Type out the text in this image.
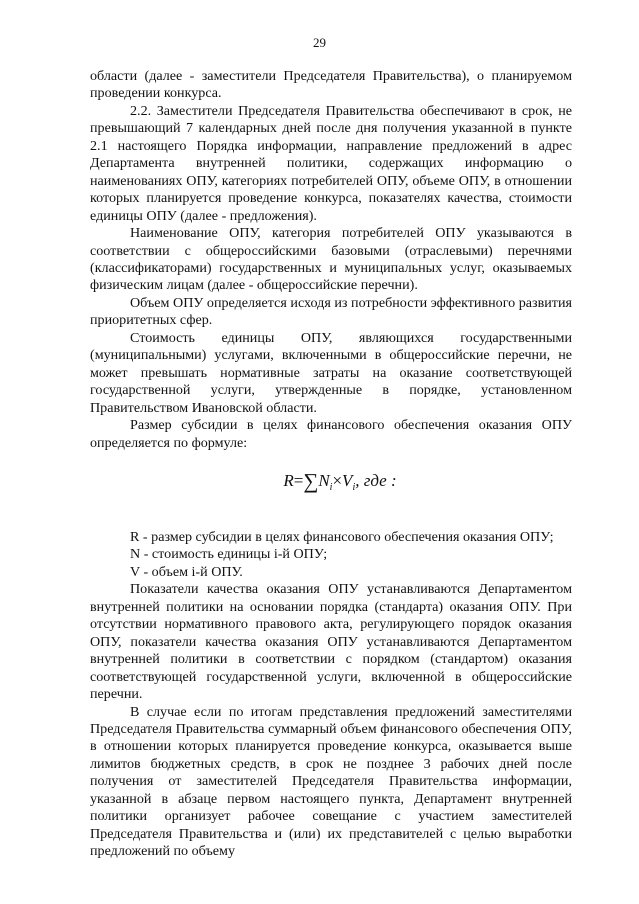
29

области (далее - заместители Председателя Правительства), о планируемом проведении конкурса.

2.2. Заместители Председателя Правительства обеспечивают в срок, не превышающий 7 календарных дней после дня получения указанной в пункте 2.1 настоящего Порядка информации, направление предложений в адрес Департамента внутренней политики, содержащих информацию о наименованиях ОПУ, категориях потребителей ОПУ, объеме ОПУ, в отношении которых планируется проведение конкурса, показателях качества, стоимости единицы ОПУ (далее - предложения).

Наименование ОПУ, категория потребителей ОПУ указываются в соответствии с общероссийскими базовыми (отраслевыми) перечнями (классификаторами) государственных и муниципальных услуг, оказываемых физическим лицам (далее - общероссийские перечни).

Объем ОПУ определяется исходя из потребности эффективного развития приоритетных сфер.

Стоимость единицы ОПУ, являющихся государственными (муниципальными) услугами, включенными в общероссийские перечни, не может превышать нормативные затраты на оказание соответствующей государственной услуги, утвержденные в порядке, установленном Правительством Ивановской области.

Размер субсидии в целях финансового обеспечения оказания ОПУ определяется по формуле:

$R=\sum N_i\times V_i$, где :

R - размер субсидии в целях финансового обеспечения оказания ОПУ;

N - стоимость единицы i-й ОПУ;

V - объем i-й ОПУ.

Показатели качества оказания ОПУ устанавливаются Департаментом внутренней политики на основании порядка (стандарта) оказания ОПУ. При отсутствии нормативного правового акта, регулирующего порядок оказания ОПУ, показатели качества оказания ОПУ устанавливаются Департаментом внутренней политики в соответствии с порядком (стандартом) оказания соответствующей государственной услуги, включенной в общероссийские перечни.

В случае если по итогам представления предложений заместителями Председателя Правительства суммарный объем финансового обеспечения ОПУ, в отношении которых планируется проведение конкурса, оказывается выше лимитов бюджетных средств, в срок не позднее 3 рабочих дней после получения от заместителей Председателя Правительства информации, указанной в абзаце первом настоящего пункта, Департамент внутренней политики организует рабочее совещание с участием заместителей Председателя Правительства и (или) их представителей с целью выработки предложений по объему
